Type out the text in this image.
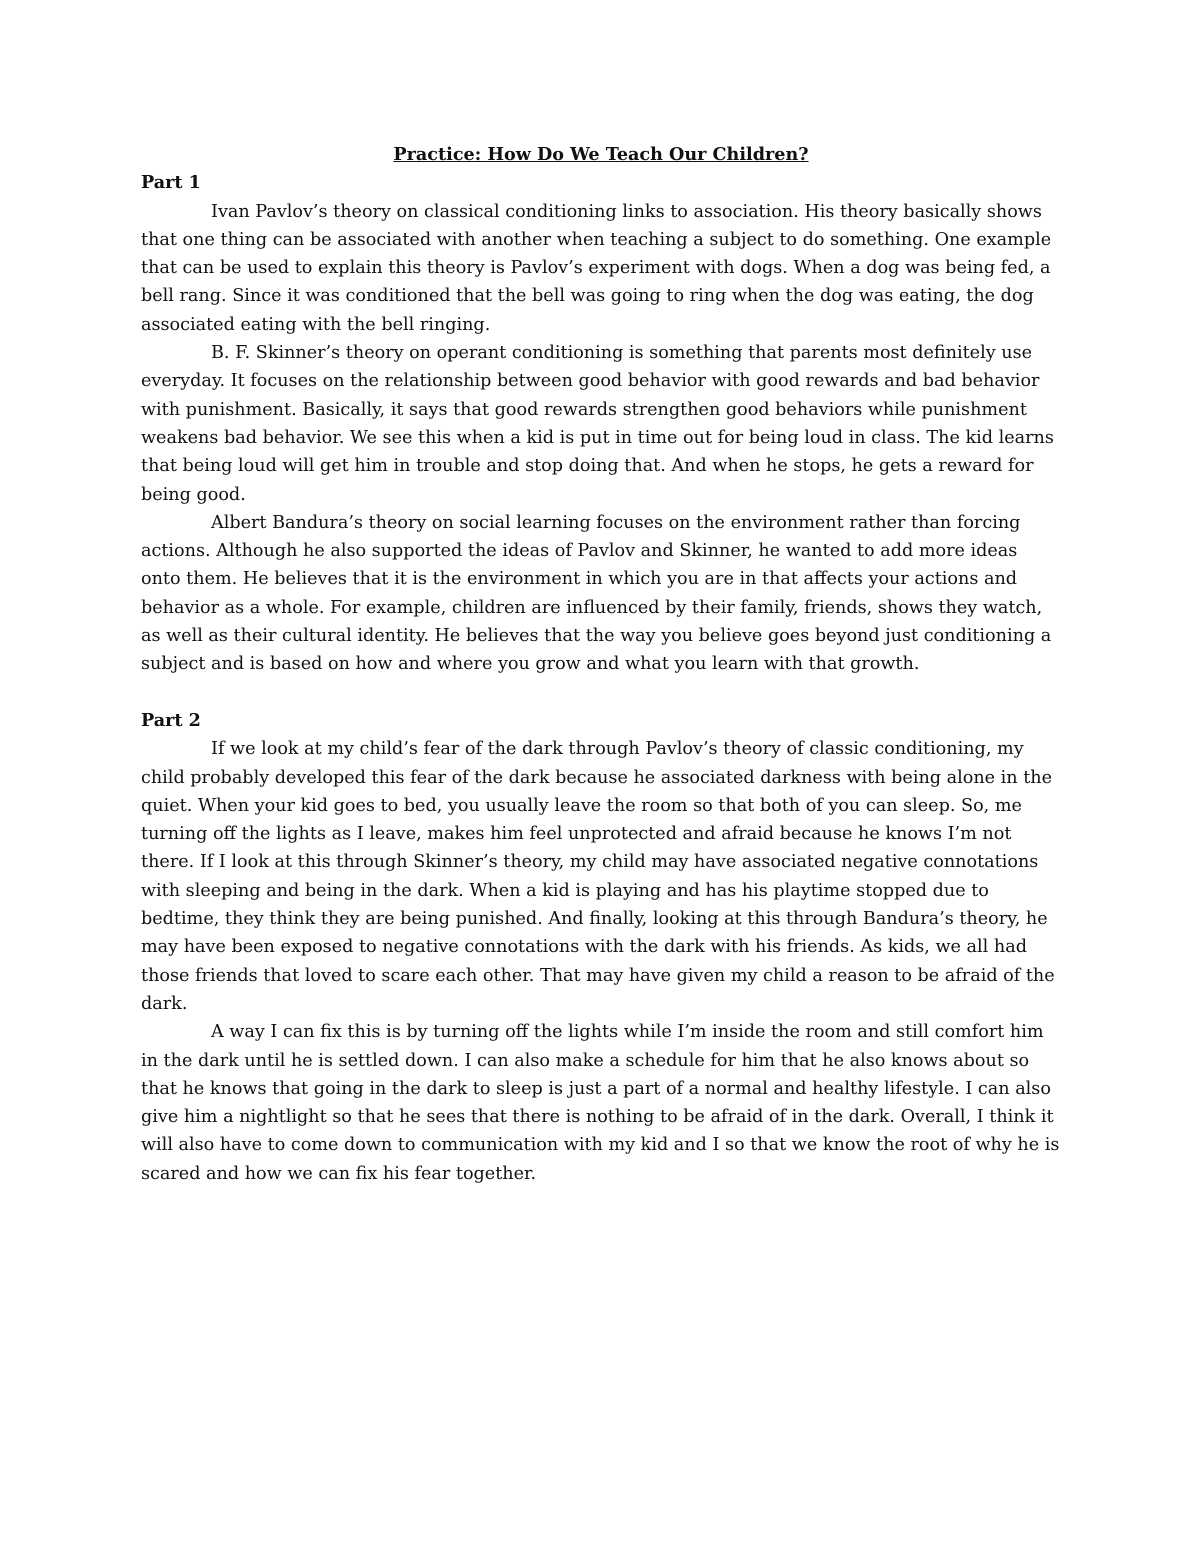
Practice: How Do We Teach Our Children?

Part 1

Ivan Pavlov’s theory on classical conditioning links to association. His theory basically shows that one thing can be associated with another when teaching a subject to do something. One example that can be used to explain this theory is Pavlov’s experiment with dogs. When a dog was being fed, a bell rang. Since it was conditioned that the bell was going to ring when the dog was eating, the dog associated eating with the bell ringing.

B. F. Skinner’s theory on operant conditioning is something that parents most definitely use everyday. It focuses on the relationship between good behavior with good rewards and bad behavior with punishment. Basically, it says that good rewards strengthen good behaviors while punishment weakens bad behavior. We see this when a kid is put in time out for being loud in class. The kid learns that being loud will get him in trouble and stop doing that. And when he stops, he gets a reward for being good.

Albert Bandura’s theory on social learning focuses on the environment rather than forcing actions. Although he also supported the ideas of Pavlov and Skinner, he wanted to add more ideas onto them. He believes that it is the environment in which you are in that affects your actions and behavior as a whole. For example, children are influenced by their family, friends, shows they watch, as well as their cultural identity. He believes that the way you believe goes beyond just conditioning a subject and is based on how and where you grow and what you learn with that growth.

Part 2

If we look at my child’s fear of the dark through Pavlov’s theory of classic conditioning, my child probably developed this fear of the dark because he associated darkness with being alone in the quiet. When your kid goes to bed, you usually leave the room so that both of you can sleep. So, me turning off the lights as I leave, makes him feel unprotected and afraid because he knows I’m not there. If I look at this through Skinner’s theory, my child may have associated negative connotations with sleeping and being in the dark. When a kid is playing and has his playtime stopped due to bedtime, they think they are being punished. And finally, looking at this through Bandura’s theory, he may have been exposed to negative connotations with the dark with his friends. As kids, we all had those friends that loved to scare each other. That may have given my child a reason to be afraid of the dark.

A way I can fix this is by turning off the lights while I’m inside the room and still comfort him in the dark until he is settled down. I can also make a schedule for him that he also knows about so that he knows that going in the dark to sleep is just a part of a normal and healthy lifestyle. I can also give him a nightlight so that he sees that there is nothing to be afraid of in the dark. Overall, I think it will also have to come down to communication with my kid and I so that we know the root of why he is scared and how we can fix his fear together.
